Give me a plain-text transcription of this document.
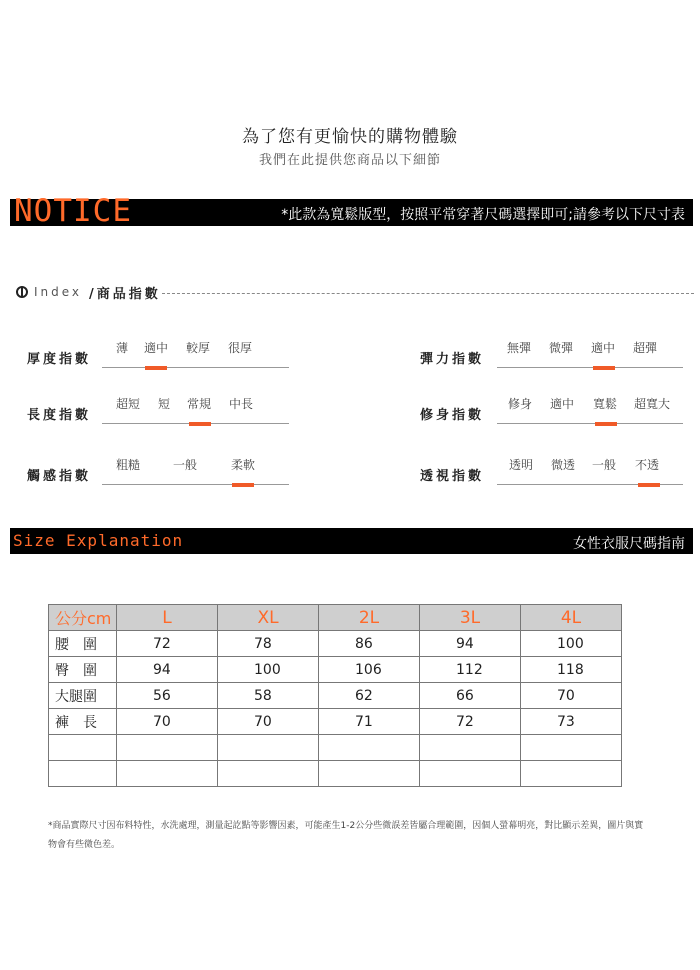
為了您有更愉快的購物體驗
我們在此提供您商品以下細節
NOTICE	*此款為寬鬆版型，按照平常穿著尺碼選擇即可;請參考以下尺寸表
Index /商品指數
厚度指數
薄 適中 較厚 很厚
彈力指數
無彈 微彈 適中 超彈
長度指數
超短 短 常規 中長
修身指數
修身 適中 寬鬆 超寬大
觸感指數
粗糙	一般	柔軟
透視指數
透明 微透 一般 不透
Size Explanation	女性衣服尺碼指南
公分cm	L	XL	2L	3L	4L
腰　圍	72	78	86	94	100
臀　圍	94	100	106	112	118
大腿圍	56	58	62	66	70
褲　長	70	70	71	72	73

*商品實際尺寸因布料特性，水洗處理，測量起訖點等影響因素，可能產生1-2公分些微誤差皆屬合理範圍，因個人螢幕明亮，對比顯示差異，圖片與實物會有些微色差。
